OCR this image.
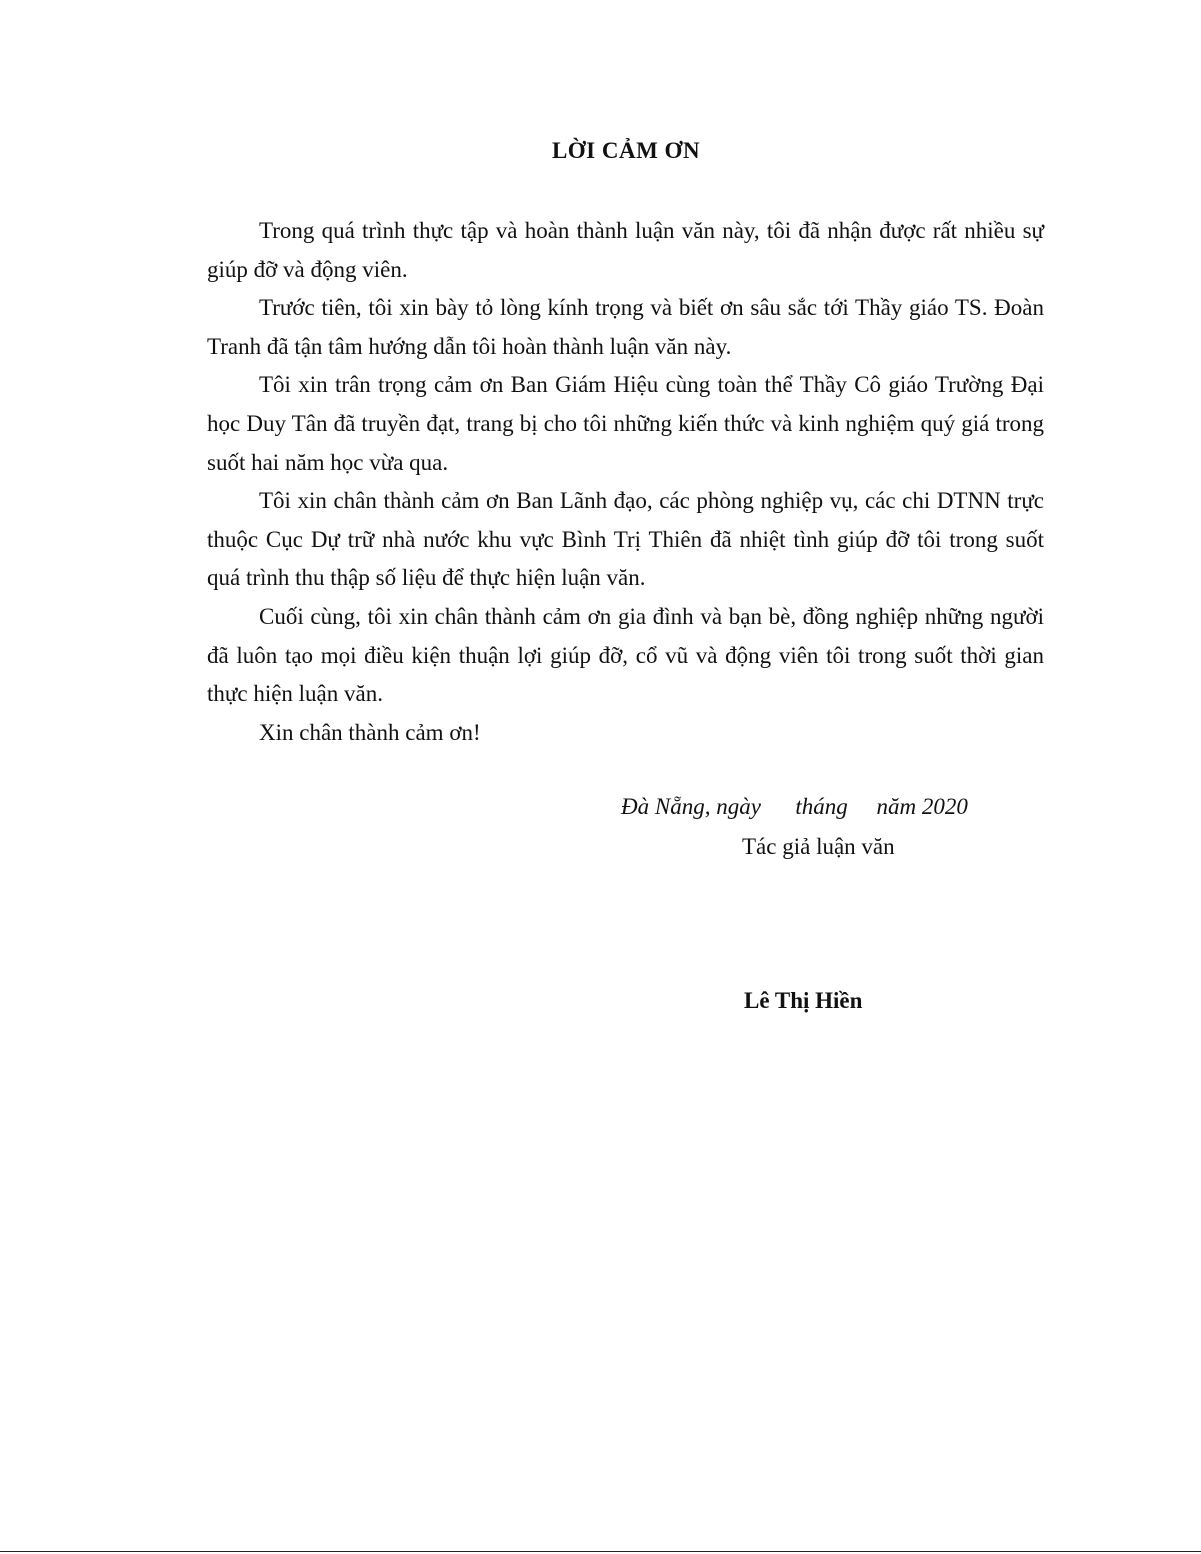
LỜI CẢM ƠN

Trong quá trình thực tập và hoàn thành luận văn này, tôi đã nhận được rất nhiều sự giúp đỡ và động viên.

Trước tiên, tôi xin bày tỏ lòng kính trọng và biết ơn sâu sắc tới Thầy giáo TS. Đoàn Tranh đã tận tâm hướng dẫn tôi hoàn thành luận văn này.

Tôi xin trân trọng cảm ơn Ban Giám Hiệu cùng toàn thể Thầy Cô giáo Trường Đại học Duy Tân đã truyền đạt, trang bị cho tôi những kiến thức và kinh nghiệm quý giá trong suốt hai năm học vừa qua.

Tôi xin chân thành cảm ơn Ban Lãnh đạo, các phòng nghiệp vụ, các chi DTNN trực thuộc Cục Dự trữ nhà nước khu vực Bình Trị Thiên đã nhiệt tình giúp đỡ tôi trong suốt quá trình thu thập số liệu để thực hiện luận văn.

Cuối cùng, tôi xin chân thành cảm ơn gia đình và bạn bè, đồng nghiệp những người đã luôn tạo mọi điều kiện thuận lợi giúp đỡ, cổ vũ và động viên tôi trong suốt thời gian thực hiện luận văn.

Xin chân thành cảm ơn!

Đà Nẵng, ngày      tháng     năm 2020
Tác giả luận văn
Lê Thị Hiền
